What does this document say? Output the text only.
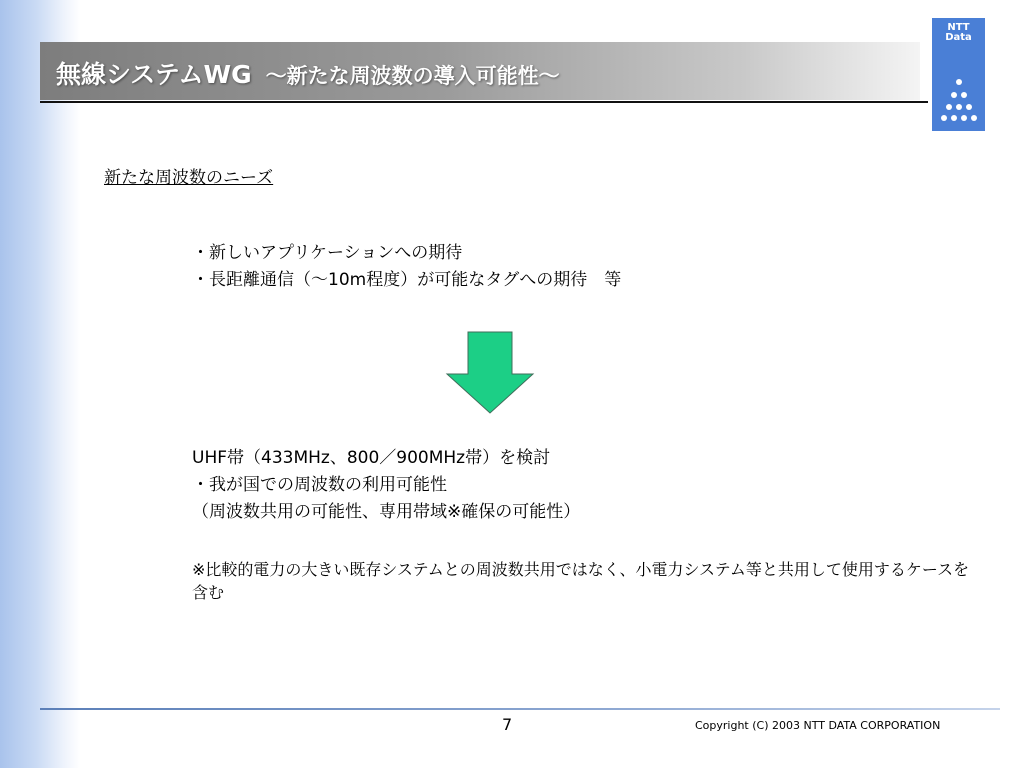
無線システムWG ～新たな周波数の導入可能性～
NTT
Data
新たな周波数のニーズ
・新しいアプリケーションへの期待
・長距離通信（～10m程度）が可能なタグへの期待　等
UHF帯（433MHz、800／900MHz帯）を検討
・我が国での周波数の利用可能性
（周波数共用の可能性、専用帯域※確保の可能性）
※比較的電力の大きい既存システムとの周波数共用ではなく、小電力システム等と共用して使用するケースを含む
7	Copyright (C) 2003 NTT DATA CORPORATION
